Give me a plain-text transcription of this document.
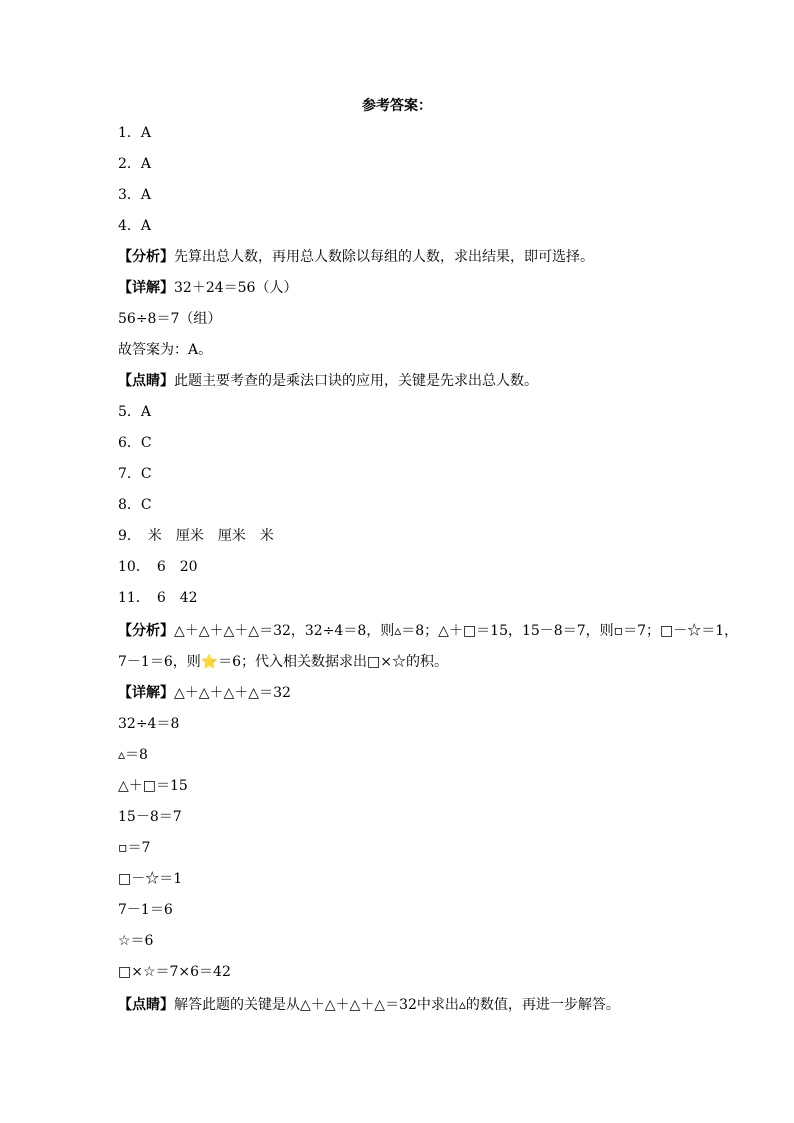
参考答案：
1．A
2．A
3．A
4．A
【分析】先算出总人数，再用总人数除以每组的人数，求出结果，即可选择。
【详解】32＋24＝56（人）
56÷8＝7（组）
故答案为：A。
【点睛】此题主要考查的是乘法口诀的应用，关键是先求出总人数。
5．A
6．C
7．C
8．C
9．　米　厘米　厘米　米
10．　6　20
11．　6　42
【分析】△＋△＋△＋△＝32，32÷4＝8，则▵＝8；△＋□＝15，15－8＝7，则▫＝7；□－☆＝1，
7－1＝6，则⭐＝6；代入相关数据求出□×☆的积。
【详解】△＋△＋△＋△＝32
32÷4＝8
▵＝8
△＋□＝15
15－8＝7
▫＝7
□－☆＝1
7－1＝6
☆＝6
□×☆＝7×6＝42
【点睛】解答此题的关键是从△＋△＋△＋△＝32中求出▵的数值，再进一步解答。
